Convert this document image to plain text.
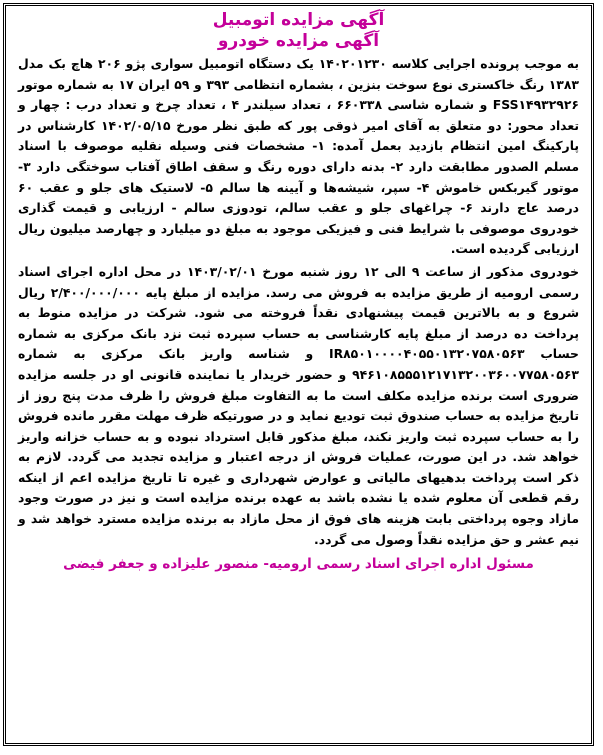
آگهی مزایده اتومبیل
آگهی مزایده خودرو

به موجب پرونده اجرایی کلاسه ۱۴۰۲۰۱۲۳۰ یک دستگاه اتومبیل سواری پژو ۲۰۶ هاچ بک مدل ۱۳۸۳ رنگ خاکستری نوع سوخت بنزین ، بشماره انتظامی ۳۹۳ و ۵۹ ایران ۱۷ به شماره موتور FSS۱۴۹۳۲۹۲۶ و شماره شاسی ۶۶۰۳۳۸ ، تعداد سیلندر ۴ ، تعداد چرخ و تعداد درب : چهار و تعداد محور: دو متعلق به آقای امیر ذوقی پور که طبق نظر مورخ ۱۴۰۲/۰۵/۱۵ کارشناس در پارکینگ امین انتظام بازدید بعمل آمده: ۱- مشخصات فنی وسیله نقلیه موصوف با اسناد مسلم الصدور مطابقت دارد ۲- بدنه دارای دوره رنگ و سقف اطاق آفتاب سوختگی دارد ۳- موتور گیربکس خاموش ۴- سپر، شیشه‌ها و آیینه ها سالم ۵- لاستیک های جلو و عقب ۶۰ درصد عاج دارند ۶- چراغهای جلو و عقب سالم، تودوزی سالم - ارزیابی و قیمت گذاری خودروی موصوفی با شرایط فنی و فیزیکی موجود به مبلغ دو میلیارد و چهارصد میلیون ریال ارزیابی گردیده است.

خودروی مذکور از ساعت ۹ الی ۱۲ روز شنبه مورخ ۱۴۰۳/۰۲/۰۱ در محل اداره اجرای اسناد رسمی ارومیه از طریق مزایده به فروش می رسد. مزایده از مبلغ پایه ۲/۴۰۰/۰۰۰/۰۰۰ ریال شروع و به بالاترین قیمت پیشنهادی نقداً فروخته می شود. شرکت در مزایده منوط به پرداخت ده درصد از مبلغ پایه کارشناسی به حساب سپرده ثبت نزد بانک مرکزی به شماره حساب IR۸۵۰۱۰۰۰۰۴۰۵۵۰۱۳۲۰۷۵۸۰۵۶۳ و شناسه واریز بانک مرکزی به شماره ۹۴۶۱۰۸۵۵۵۱۲۱۷۱۳۲۰۰۳۶۰۰۷۷۵۸۰۵۶۳ و حضور خریدار یا نماینده قانونی او در جلسه مزایده ضروری است برنده مزایده مکلف است ما به التفاوت مبلغ فروش را ظرف مدت پنج روز از تاریخ مزایده به حساب صندوق ثبت تودیع نماید و در صورتیکه ظرف مهلت مقرر مانده فروش را به حساب سپرده ثبت واریز نکند، مبلغ مذکور قابل استرداد نبوده و به حساب خزانه واریز خواهد شد. در این صورت، عملیات فروش از درجه اعتبار و مزایده تجدید می گردد. لازم به ذکر است پرداخت بدهیهای مالیاتی و عوارض شهرداری و غیره تا تاریخ مزایده اعم از اینکه رقم قطعی آن معلوم شده یا نشده باشد به عهده برنده مزایده است و نیز در صورت وجود مازاد وجوه پرداختی بابت هزینه های فوق از محل مازاد به برنده مزایده مسترد خواهد شد و نیم عشر و حق مزایده نقداً وصول می گردد.

مسئول اداره اجرای اسناد رسمی ارومیه- منصور علیزاده و جعفر فیضی
